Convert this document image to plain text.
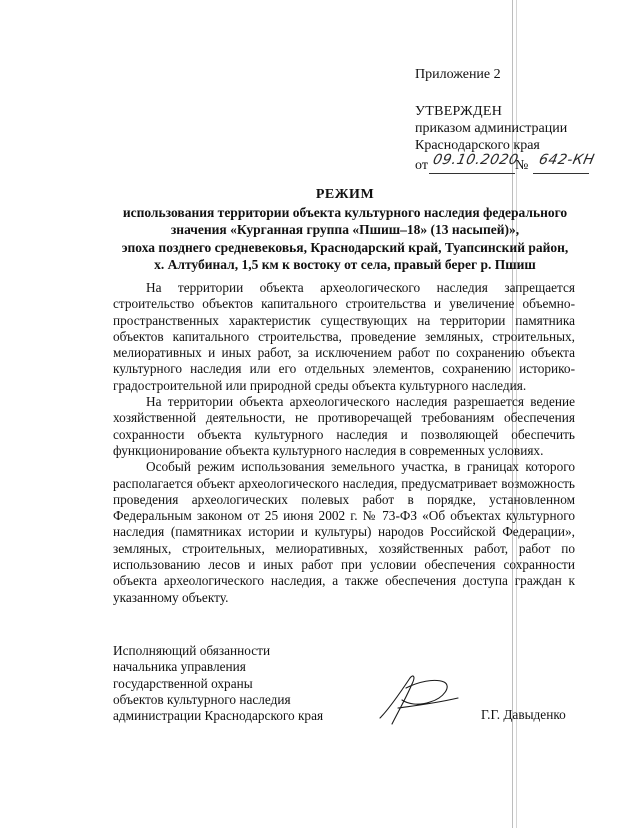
Приложение 2
УТВЕРЖДЕН
приказом администрации
Краснодарского края
от 09.10.2020
№ 642-КН
РЕЖИМ
использования территории объекта культурного наследия федерального
значения «Курганная группа «Пшиш–18» (13 насыпей)»,
эпоха позднего средневековья, Краснодарский край, Туапсинский район,
х. Алтубинал, 1,5 км к востоку от села, правый берег р. Пшиш

На территории объекта археологического наследия запрещается строительство объектов капитального строительства и увеличение объемно-пространственных характеристик существующих на территории памятника объектов капитального строительства, проведение земляных, строительных, мелиоративных и иных работ, за исключением работ по сохранению объекта культурного наследия или его отдельных элементов, сохранению историко-градостроительной или природной среды объекта культурного наследия.

На территории объекта археологического наследия разрешается ведение хозяйственной деятельности, не противоречащей требованиям обеспечения сохранности объекта культурного наследия и позволяющей обеспечить функционирование объекта культурного наследия в современных условиях.

Особый режим использования земельного участка, в границах которого располагается объект археологического наследия, предусматривает возможность проведения археологических полевых работ в порядке, установленном Федеральным законом от 25 июня 2002 г. № 73-ФЗ «Об объектах культурного наследия (памятниках истории и культуры) народов Российской Федерации», земляных, строительных, мелиоративных, хозяйственных работ, работ по использованию лесов и иных работ при условии обеспечения сохранности объекта археологического наследия, а также обеспечения доступа граждан к указанному объекту.

Исполняющий обязанности
начальника управления
государственной охраны
объектов культурного наследия
администрации Краснодарского края	Г.Г. Давыденко
